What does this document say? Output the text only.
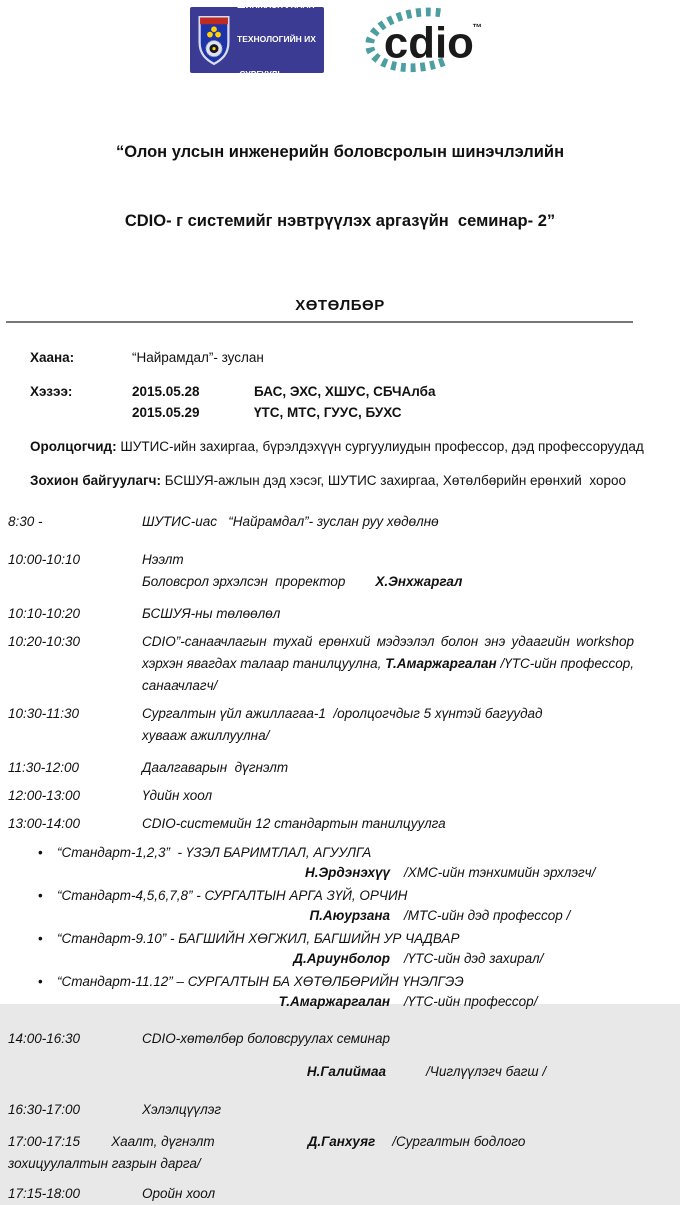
ШИНЖЛЭХ УХААН

ТЕХНОЛОГИЙН ИХ

СУРГУУЛЬ

cdio
™

“Олон улсын инженерийн боловсролын шинэчлэлийн

CDIO- г системийг нэвтрүүлэх аргазүйн  семинар- 2”

ХӨТӨЛБӨР
Хаана:	“Найрамдал”- зуслан
Хэзээ:	2015.05.28	БАС, ЭХС, ХШУС, СБЧАлба
2015.05.29	ҮТС, МТС, ГУУС, БУХС
Оролцогчид: ШУТИС-ийн захиргаа, бүрэлдэхүүн сургуулиудын профессор, дэд профессоруудад
Зохион байгуулагч: БСШУЯ-ажлын дэд хэсэг, ШУТИС захиргаа, Хөтөлбөрийн ерөнхий  хороо
8:30 -	ШУТИС-иас   “Найрамдал”- зуслан руу хөдөлнө
10:00-10:10	Нээлт
Боловсрол эрхэлсэн  проректор Х.Энхжаргал
10:10-10:20	БСШУЯ-ны төлөөлөл
10:20-10:30	CDIO”-санаачлагын тухай ерөнхий мэдээлэл болон энэ удаагийн workshop хэрхэн явагдах талаар танилцуулна, Т.Амаржаргалан /ҮТС-ийн профессор, санаачлагч/
10:30-11:30	Сургалтын үйл ажиллагаа-1  /оролцогчдыг 5 хүнтэй багуудад
хувааж ажиллуулна/
11:30-12:00	Даалгаварын  дүгнэлт
12:00-13:00	Үдийн хоол
13:00-14:00	CDIO-системийн 12 стандартын танилцуулга
• “Стандарт-1,2,3”  - ҮЗЭЛ БАРИМТЛАЛ, АГУУЛГА
Н.Эрдэнэхүү /ХМС-ийн тэнхимийн эрхлэгч/
• “Стандарт-4,5,6,7,8” - СУРГАЛТЫН АРГА ЗҮЙ, ОРЧИН
П.Аюурзана /МТС-ийн дэд профессор /
• “Стандарт-9.10” - БАГШИЙН ХӨГЖИЛ, БАГШИЙН УР ЧАДВАР
Д.Ариунболор /ҮТС-ийн дэд захирал/
• “Стандарт-11.12” – СУРГАЛТЫН БА ХӨТӨЛБӨРИЙН ҮНЭЛГЭЭ
Т.Амаржаргалан /ҮТС-ийн профессор/
14:00-16:30	CDIO-хөтөлбөр боловсруулах семинар
Н.Галиймаа	/Чиглүүлэгч багш /
16:30-17:00	Хэлэлцүүлэг
17:00-17:15 Хаалт, дүгнэлт	Д.Ганхуяг /Сургалтын бодлого зохицуулалтын газрын дарга/
17:15-18:00	Оройн хоол
